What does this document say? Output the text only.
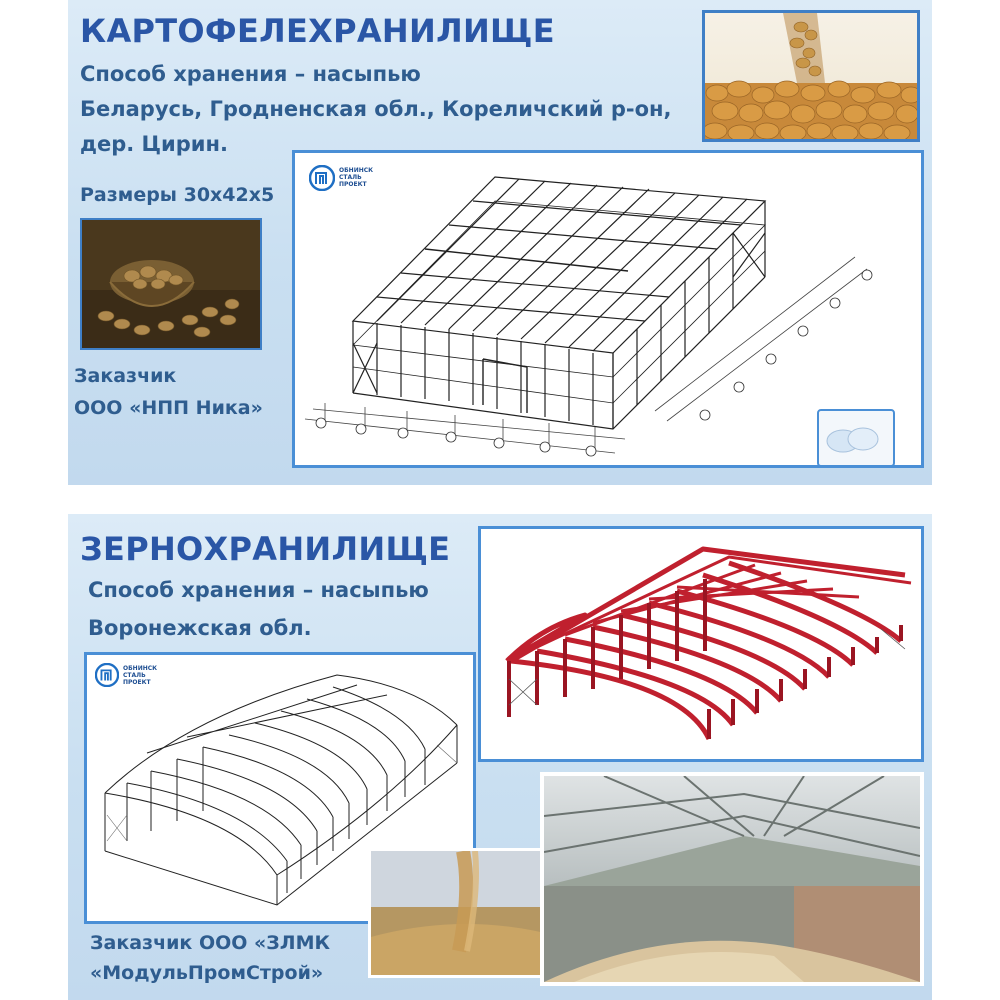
КАРТОФЕЛЕХРАНИЛИЩЕ
Способ хранения – насыпью
Беларусь, Гродненская обл., Кореличский р-он,
дер. Цирин.
Размеры 30х42х5
Заказчик
ООО «НПП Ника»
ОБНИНСК
СТАЛЬ
ПРОЕКТ
ЗЕРНОХРАНИЛИЩЕ
Способ хранения – насыпью
Воронежская обл.
Заказчик ООО «ЗЛМК
«МодульПромСтрой»
ОБНИНСК
СТАЛЬ
ПРОЕКТ
